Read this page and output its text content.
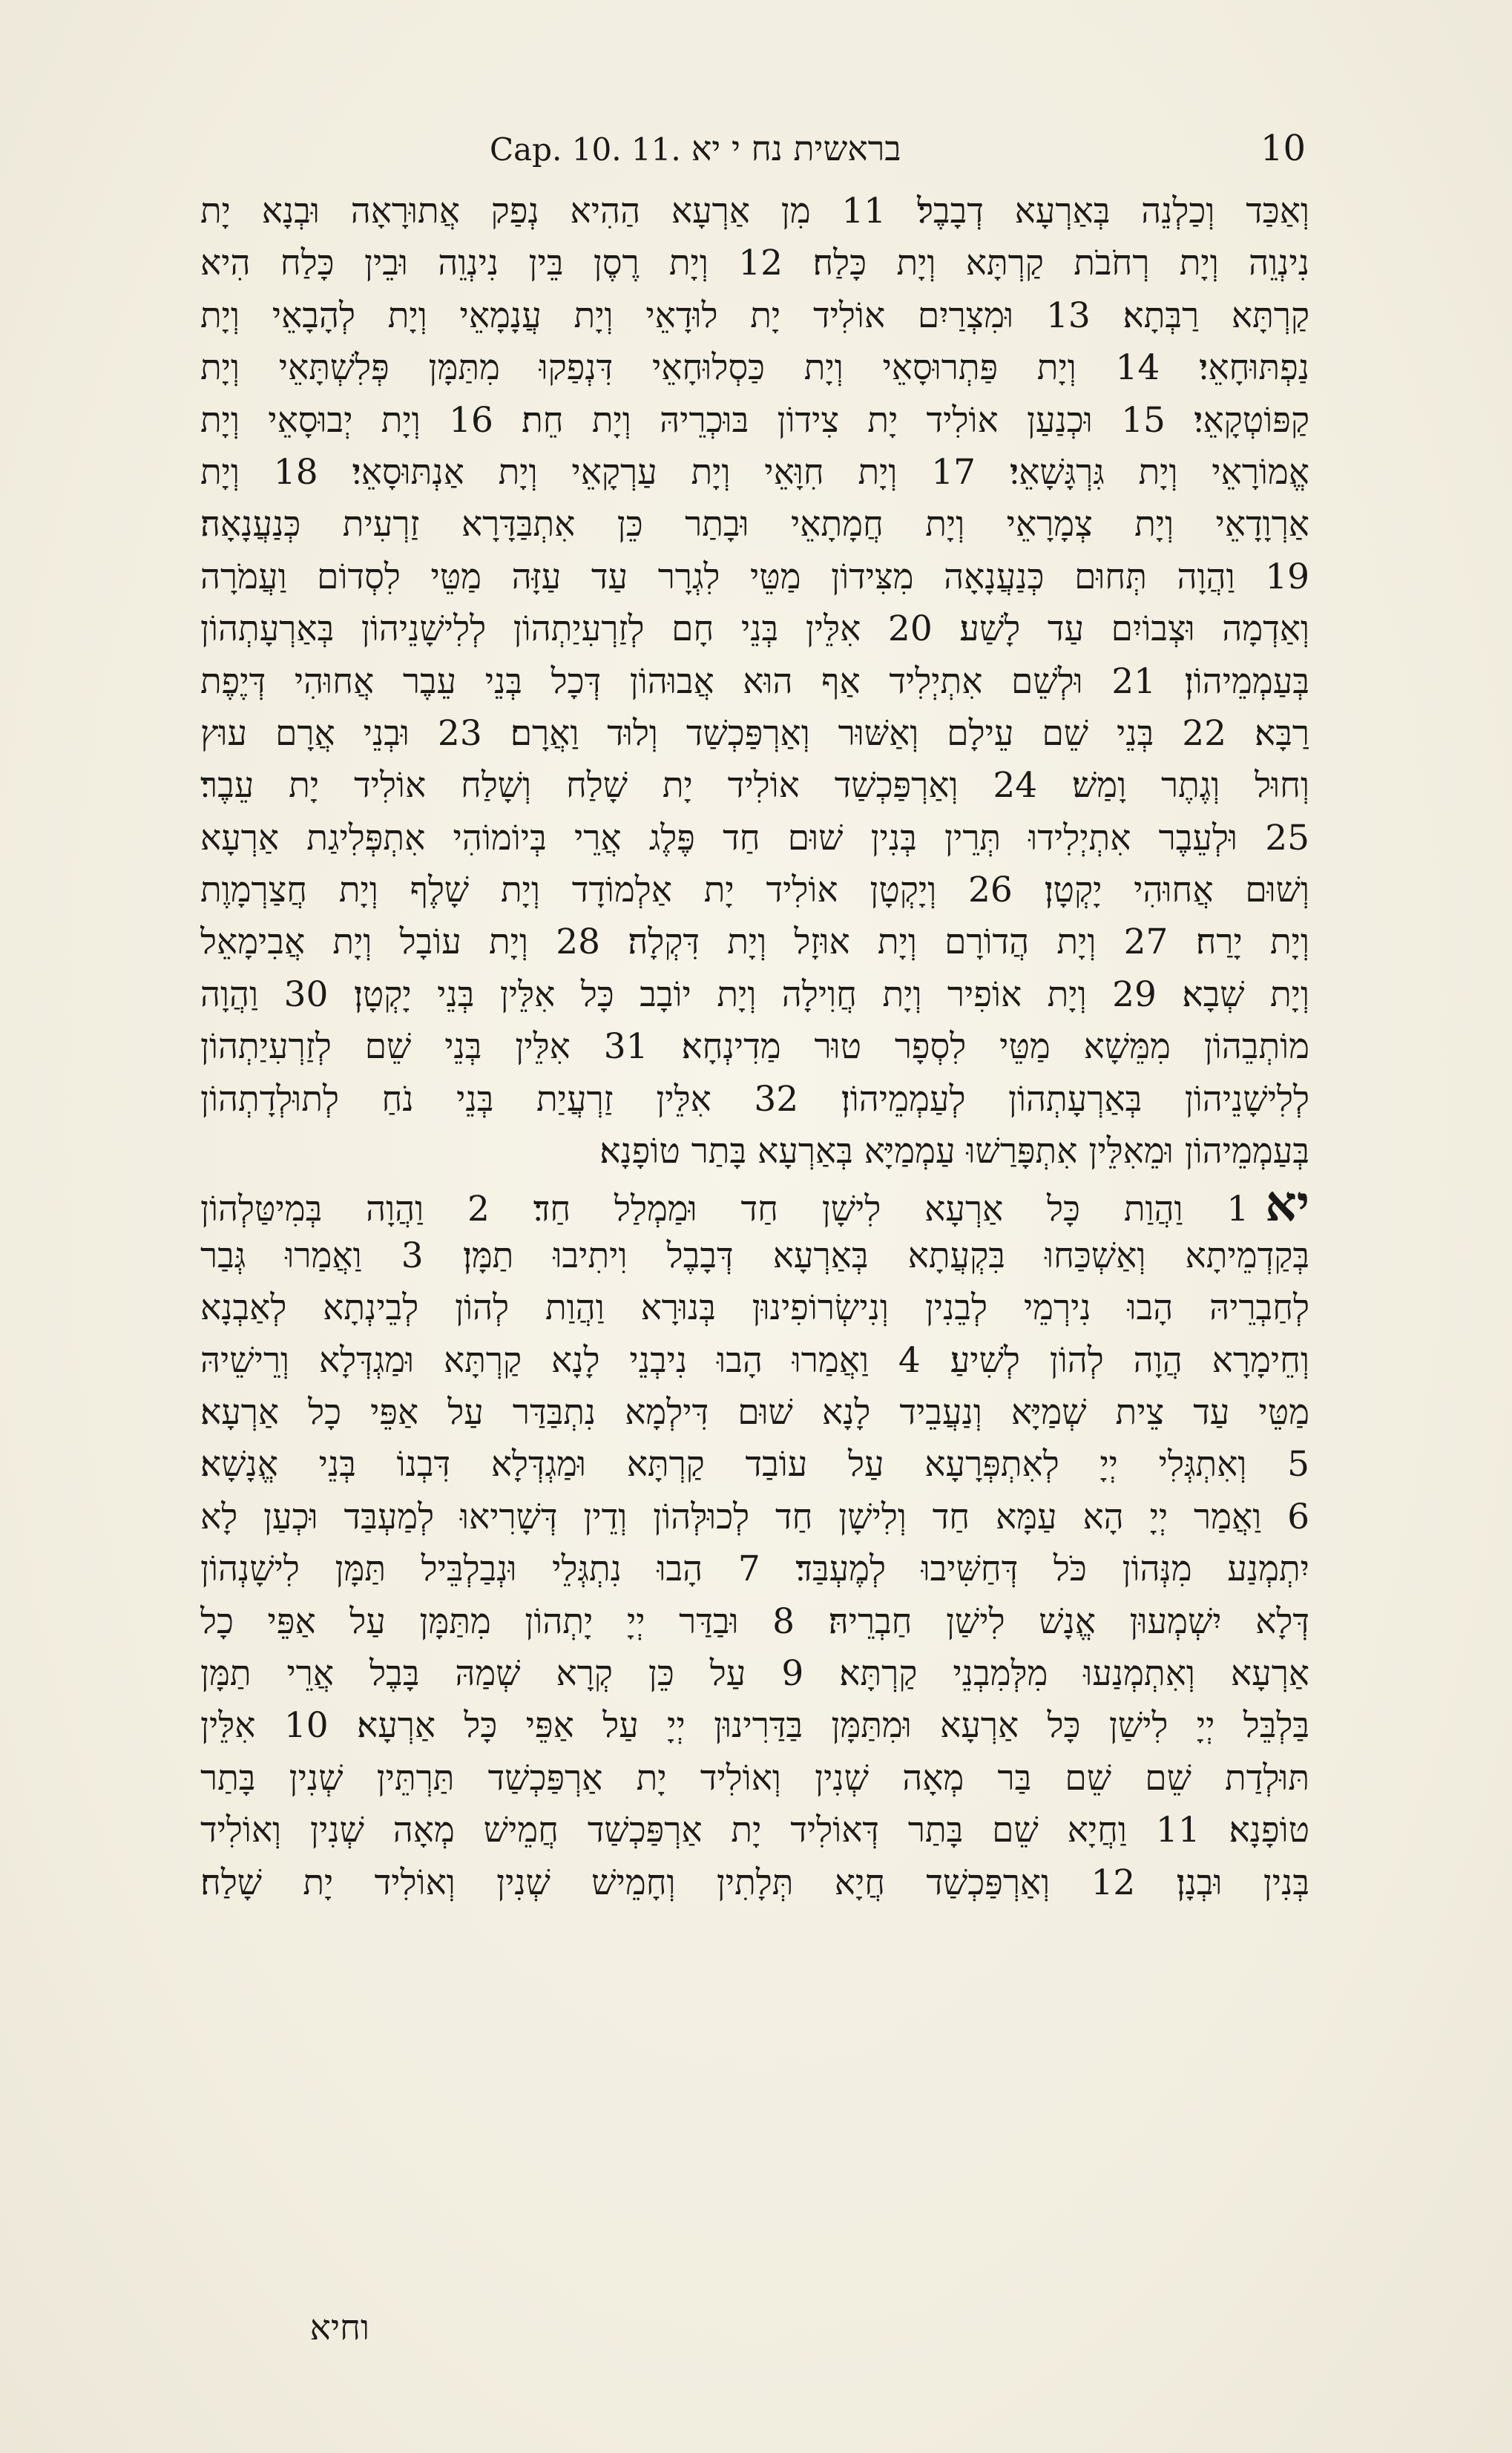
10
Cap. 10. 11. בראשית נח י יא
וְאַכַּד וְכַלְנֵה בְּאַרְעָא דְבָבֶל׃ 11 מִן אַרְעָא הַהִיא נְפַק אֲתוּרָאָה וּבְנָא יָת
נִינְוֵה וְיָת רְחֹבֹת קַרְתָּא וְיָת כָּלַח׃ 12 וְיָת רֶסֶן בֵּין נִינְוֵה וּבֵין כָּלַח הִיא
קַרְתָּא רַבְּתָא׃ 13 וּמִצְרַיִם אוֹלִיד יָת לוּדָאֵי וְיָת עֲנָמָאֵי וְיָת לְהָבָאֵי וְיָת
נַפְתּוּחָאֵי׃ 14 וְיָת פַּתְרוּסָאֵי וְיָת כַּסְלוּחָאֵי דִּנְפַקוּ מִתַּמָּן פְּלִשְׁתָּאֵי וְיָת
קַפּוֹטְקָאֵי׃ 15 וּכְנַעַן אוֹלִיד יָת צִידוֹן בּוּכְרֵיהּ וְיָת חֵת׃ 16 וְיָת יְבוּסָאֵי וְיָת
אֱמוֹרָאֵי וְיָת גִּרְגָּשָׁאֵי׃ 17 וְיָת חִוָּאֵי וְיָת עַרְקָאֵי וְיָת אַנְתּוּסָאֵי׃ 18 וְיָת
אַרְוָדָאֵי וְיָת צְמָרָאֵי וְיָת חֲמָתָאֵי וּבָתַר כֵּן אִתְבַּדָּרָא זַרְעִית כְּנַעֲנָאָה׃
19 וַהֲוָה תְּחוּם כְּנַעֲנָאָה מִצִּידוֹן מַטֵּי לִגְרָר עַד עַזָּה מַטֵּי לִסְדוֹם וַעֲמֹרָה
וְאַדְמָה וּצְבוֹיִם עַד לָשַׁע׃ 20 אִלֵּין בְּנֵי חָם לְזַרְעִיַתְהוֹן לְלִישָׁנֵיהוֹן בְּאַרְעָתְהוֹן
בְּעַמְמֵיהוֹן׃ 21 וּלְשֵׁם אִתְיְלִיד אַף הוּא אֲבוּהוֹן דְּכָל בְּנֵי עֵבֶר אֲחוּהִי דְּיֶפֶת
רַבָּא׃ 22 בְּנֵי שֵׁם עֵילָם וְאַשּׁוּר וְאַרְפַּכְשַׁד וְלוּד וַאֲרָם׃ 23 וּבְנֵי אֲרָם עוּץ
וְחוּל וְגֶתֶר וָמַשׁ׃ 24 וְאַרְפַּכְשַׁד אוֹלִיד יָת שָׁלַח וְשָׁלַח אוֹלִיד יָת עֵבֶר׃
25 וּלְעֵבֶר אִתְיְלִידוּ תְּרֵין בְּנִין שׁוּם חַד פֶּלֶג אֲרֵי בְּיוֹמוֹהִי אִתְפְּלִיגַת אַרְעָא
וְשׁוּם אֲחוּהִי יָקְטָן׃ 26 וְיָקְטָן אוֹלִיד יָת אַלְמוֹדָד וְיָת שָׁלֶף וְיָת חֲצַרְמָוֶת
וְיָת יָרַח׃ 27 וְיָת הֲדוֹרָם וְיָת אוּזָל וְיָת דִּקְלָה׃ 28 וְיָת עוֹבָל וְיָת אֲבִימָאֵל
וְיָת שְׁבָא׃ 29 וְיָת אוֹפִיר וְיָת חֲוִילָה וְיָת יוֹבָב כָּל אִלֵּין בְּנֵי יָקְטָן׃ 30 וַהֲוָה
מוֹתְבֵהוֹן מִמֵּשָׁא מַטֵּי לִסְפָר טוּר מַדִינְחָא׃ 31 אִלֵּין בְּנֵי שֵׁם לְזַרְעִיַתְהוֹן
לְלִישָׁנֵיהוֹן בְּאַרְעָתְהוֹן לְעַמְמֵיהוֹן׃ 32 אִלֵּין זַרְעֲיַת בְּנֵי נֹחַ לְתוּלְדָתְהוֹן
בְּעַמְמֵיהוֹן וּמֵאִלֵּין אִתְפָּרַשׁוּ עַמְמַיָּא בְּאַרְעָא בָּתַר טוֹפָנָא׃
יא1 וַהֲוַת כָּל אַרְעָא לִישָׁן חַד וּמַמְלַל חַד׃ 2 וַהֲוָה בְּמִיטַּלְהוֹן
בְּקַדְמֵיתָא וְאַשְׁכַּחוּ בִּקְעֲתָא בְּאַרְעָא דְּבָבֶל וִיתִיבוּ תַמָּן׃ 3 וַאֲמַרוּ גְּבַר
לְחַבְרֵיהּ הָבוּ נִירְמֵי לְבֵנִין וְנִישְׂרוֹפִינוּן בְּנוּרָא וַהֲוַת לְהוֹן לְבֵינְתָא לְאַבְנָא
וְחֵימָרָא הֲוָה לְהוֹן לְשִׁיעַ׃ 4 וַאֲמַרוּ הָבוּ נִיבְנֵי לָנָא קַרְתָּא וּמַגְדְּלָא וְרֵישֵׁיהּ
מַטֵּי עַד צֵית שְׁמַיָּא וְנַעֲבֵיד לָנָא שׁוּם דִּילְמָא נִתְבַּדַּר עַל אַפֵּי כָל אַרְעָא׃
5 וְאִתְגְּלִי יְיָ לְאִתְפְּרָעָא עַל עוֹבַד קַרְתָּא וּמַגְדְּלָא דִּבְנוֹ בְּנֵי אֱנָשָׁא׃
6 וַאֲמַר יְיָ הָא עַמָּא חַד וְלִישָׁן חַד לְכוּלְּהוֹן וְדֵין דְּשָׁרִיאוּ לְמַעְבַּד וּכְעַן לָא
יִתְמְנַע מִנְּהוֹן כֹּל דְּחַשִּׁיבוּ לְמֶעְבַּד׃ 7 הָבוּ נִתְגְּלֵי וּנְבַלְבֵּיל תַּמָּן לִישָׁנְהוֹן
דְּלָא יִשְׁמְעוּן אֱנָשׁ לִישַׁן חַבְרֵיהּ׃ 8 וּבַדַּר יְיָ יָתְהוֹן מִתַּמָּן עַל אַפֵּי כָל
אַרְעָא וְאִתְמְנַעוּ מִלְּמִבְנֵי קַרְתָּא׃ 9 עַל כֵּן קְרָא שְׁמַהּ בָּבֶל אֲרֵי תַמָּן
בַּלְבֵּל יְיָ לִישַׁן כָּל אַרְעָא וּמִתַּמָּן בַּדַּרִינוּן יְיָ עַל אַפֵּי כָּל אַרְעָא׃ 10 אִלֵּין
תּוּלְדַת שֵׁם שֵׁם בַּר מְאָה שְׁנִין וְאוֹלִיד יָת אַרְפַּכְשַׁד תַּרְתֵּין שְׁנִין בָּתַר
טוֹפָנָא׃ 11 וַחֲיָא שֵׁם בָּתַר דְּאוֹלִיד יָת אַרְפַּכְשַׁד חֲמֵישׁ מְאָה שְׁנִין וְאוֹלִיד
בְּנִין וּבְנָן׃ 12 וְאַרְפַּכְשַׁד חֲיָא תְּלָתִין וְחָמֵישׁ שְׁנִין וְאוֹלִיד יָת שָׁלַח׃
וחיא
